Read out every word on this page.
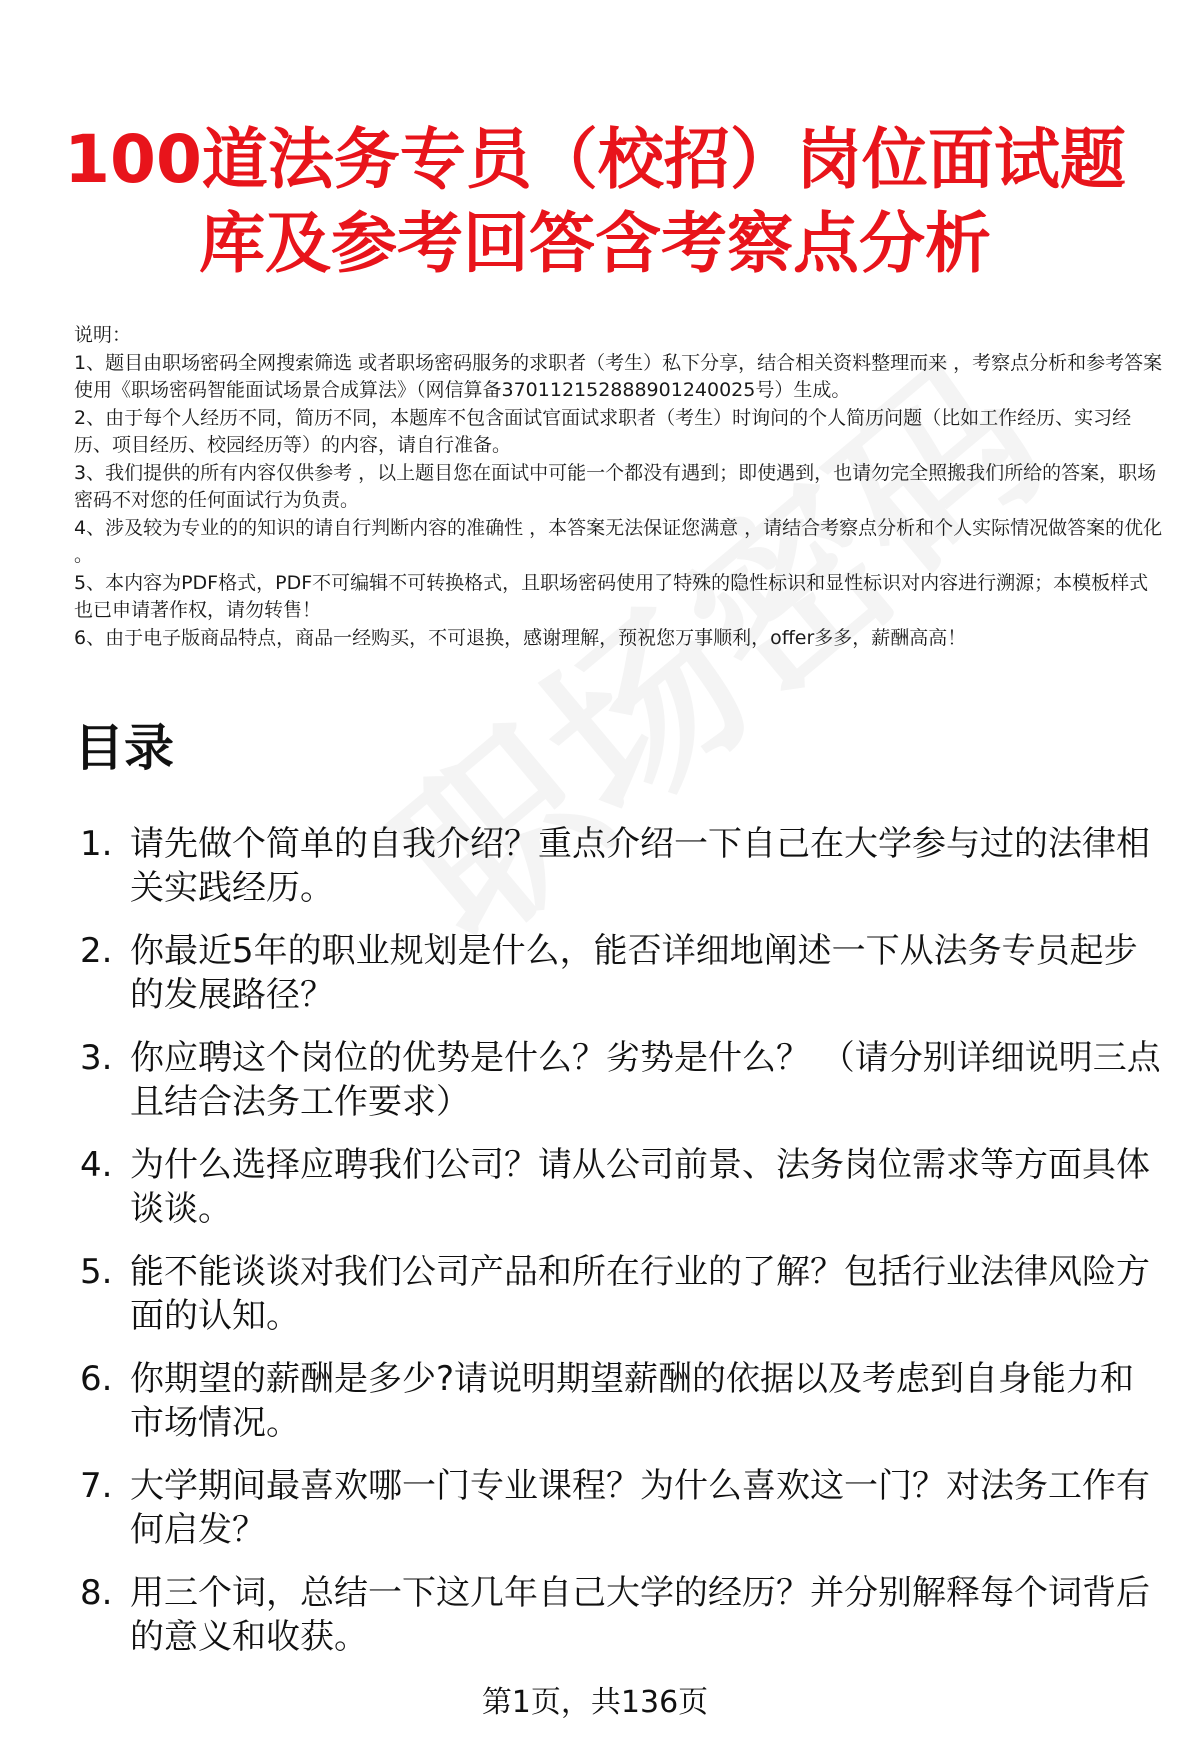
100道法务专员（校招）岗位面试题
库及参考回答含考察点分析

说明：

1、题目由职场密码全网搜索筛选 或者职场密码服务的求职者（考生）私下分享，结合相关资料整理而来 ，考察点分析和参考答案使用《职场密码智能面试场景合成算法》（网信算备370112152888901240025号）生成。

2、由于每个人经历不同，简历不同，本题库不包含面试官面试求职者（考生）时询问的个人简历问题（比如工作经历、实习经历、项目经历、校园经历等）的内容，请自行准备。

3、我们提供的所有内容仅供参考 ，以上题目您在面试中可能一个都没有遇到；即使遇到，也请勿完全照搬我们所给的答案，职场密码不对您的任何面试行为负责。

4、涉及较为专业的的知识的请自行判断内容的准确性 ，本答案无法保证您满意 ，请结合考察点分析和个人实际情况做答案的优化 。

5、本内容为PDF格式，PDF不可编辑不可转换格式，且职场密码使用了特殊的隐性标识和显性标识对内容进行溯源；本模板样式也已申请著作权，请勿转售！

6、由于电子版商品特点，商品一经购买，不可退换，感谢理解，预祝您万事顺利，offer多多，薪酬高高！

目录
1. 请先做个简单的自我介绍？重点介绍一下自己在大学参与过的法律相关实践经历。
2. 你最近5年的职业规划是什么，能否详细地阐述一下从法务专员起步的发展路径？
3. 你应聘这个岗位的优势是什么？劣势是什么？ （请分别详细说明三点且结合法务工作要求）
4. 为什么选择应聘我们公司？请从公司前景、法务岗位需求等方面具体谈谈。
5. 能不能谈谈对我们公司产品和所在行业的了解？包括行业法律风险方面的认知。
6. 你期望的薪酬是多少?请说明期望薪酬的依据以及考虑到自身能力和市场情况。
7. 大学期间最喜欢哪一门专业课程？为什么喜欢这一门？对法务工作有何启发？
8. 用三个词，总结一下这几年自己大学的经历？并分别解释每个词背后的意义和收获。
第1页，共136页
